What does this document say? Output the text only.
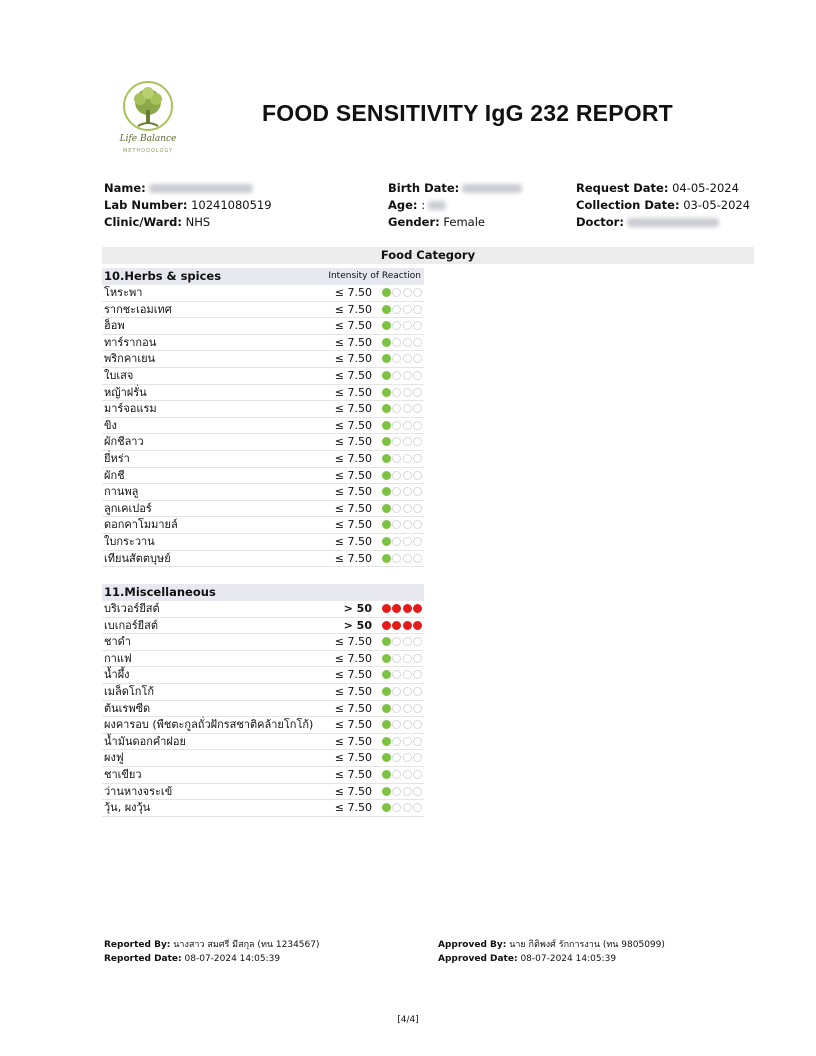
Life Balance
METHODOLOGY
FOOD SENSITIVITY IgG 232 REPORT
Name:
Lab Number: 10241080519
Clinic/Ward: NHS
Birth Date:
Age: :
Gender: Female
Request Date: 04-05-2024
Collection Date: 03-05-2024
Doctor:
Food Category
10.Herbs & spices	Intensity of Reaction
โหระพา	≤ 7.50
รากชะเอมเทศ	≤ 7.50
ฮ็อพ	≤ 7.50
ทาร์รากอน	≤ 7.50
พริกคาเยน	≤ 7.50
ใบเสจ	≤ 7.50
หญ้าฝรั่น	≤ 7.50
มาร์จอแรม	≤ 7.50
ขิง	≤ 7.50
ผักชีลาว	≤ 7.50
ยี่หร่า	≤ 7.50
ผักชี	≤ 7.50
กานพลู	≤ 7.50
ลูกเคเปอร์	≤ 7.50
ดอกคาโมมายล์	≤ 7.50
ใบกระวาน	≤ 7.50
เทียนสัตตบุษย์	≤ 7.50
11.Miscellaneous
บริเวอร์ยีสต์	> 50
เบเกอร์ยีสต์	> 50
ชาดำ	≤ 7.50
กาแฟ	≤ 7.50
น้ำผึ้ง	≤ 7.50
เมล็ดโกโก้	≤ 7.50
ต้นเรพซีด	≤ 7.50
ผงคารอบ (พืชตะกูลถั่วฝักรสชาติคล้ายโกโก้) ≤ 7.50
น้ำมันดอกคำฝอย	≤ 7.50
ผงฟู	≤ 7.50
ชาเขียว	≤ 7.50
ว่านหางจระเข้	≤ 7.50
วุ้น, ผงวุ้น	≤ 7.50
Reported By: นางสาว สมศรี มีสกุล (ทน 1234567)
Reported Date: 08-07-2024 14:05:39
Approved By: นาย กิติพงศ์ รักการงาน (ทน 9805099)
Approved Date: 08-07-2024 14:05:39
[4/4]
